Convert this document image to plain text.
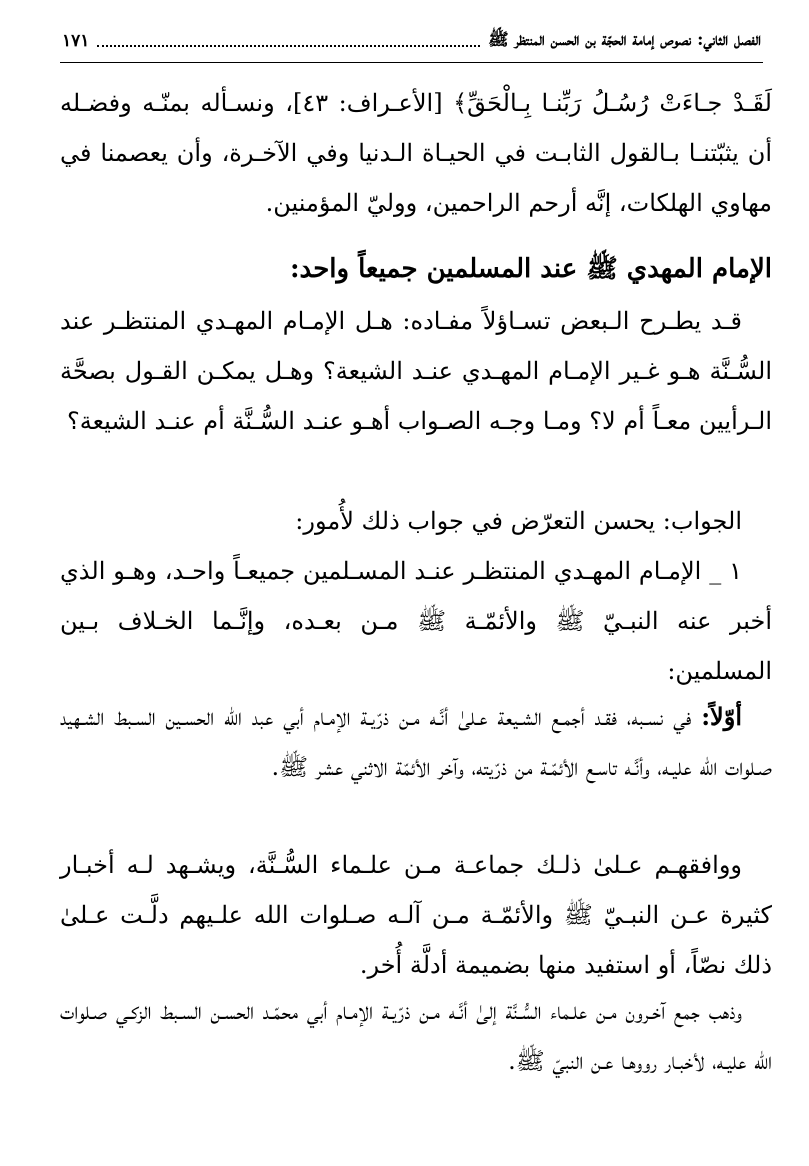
الفصل الثاني: نصوص إمامة الحجّة بن الحسن المنتظر ﷺ
١٧١

لَقَـدْ جـاءَتْ رُسُـلُ رَبِّنـا بِـالْحَقِّ﴾ [الأعـراف: ٤٣]، ونسـأله بمنّـه وفضـله أن يثبّتنـا بـالقول الثابـت في الحيـاة الـدنيا وفي الآخـرة، وأن يعصمنا في مهاوي الهلكات، إنَّه أرحم الراحمين، ووليّ المؤمنين.

الإمام المهدي ﷺ عند المسلمين جميعاً واحد:

قـد يطـرح الـبعض تسـاؤلاً مفـاده: هـل الإمـام المهـدي المنتظـر عند السُّـنَّة هـو غـير الإمـام المهـدي عنـد الشيعة؟ وهـل يمكـن القـول بصحَّة الـرأيين معـاً أم لا؟ ومـا وجـه الصـواب أهـو عنـد السُّـنَّة أم عنـد الشيعة؟

الجواب: يحسن التعرّض في جواب ذلك لأُمور:

١ _ الإمـام المهـدي المنتظـر عنـد المسـلمين جميعـاً واحـد، وهـو الذي أخبر عنه النبـيّ ﷺ والأئمّـة ﷺ مـن بعـده، وإنَّـما الخـلاف بـين المسلمين:

أوّلاً: في نسـبه، فقـد أجمـع الشـيعة عـلىٰ أنَّـه مـن ذرّيـة الإمـام أبي عبد الله الحسـين السـبط الشـهيد صـلوات الله عليـه، وأنَّـه تاسـع الأئمّـة من ذرّيته، وآخر الأئمّة الاثني عشر ﷺ.

ووافقهـم عـلىٰ ذلـك جماعـة مـن علـماء السُّـنَّة، ويشـهد لـه أخبـار كثيرة عـن النبـيّ ﷺ والأئمّـة مـن آلـه صـلوات الله علـيهم دلَّـت عـلىٰ ذلك نصّاً، أو استفيد منها بضميمة أدلَّة أُخر.

وذهب جمع آخـرون مـن علـماء السُّـنَّة إلىٰ أنَّـه مـن ذرّيـة الإمـام أبي محمّـد الحسـن السـبط الزكـي صـلوات الله عليـه، لأخبـار رووهـا عـن النبيّ ﷺ.
